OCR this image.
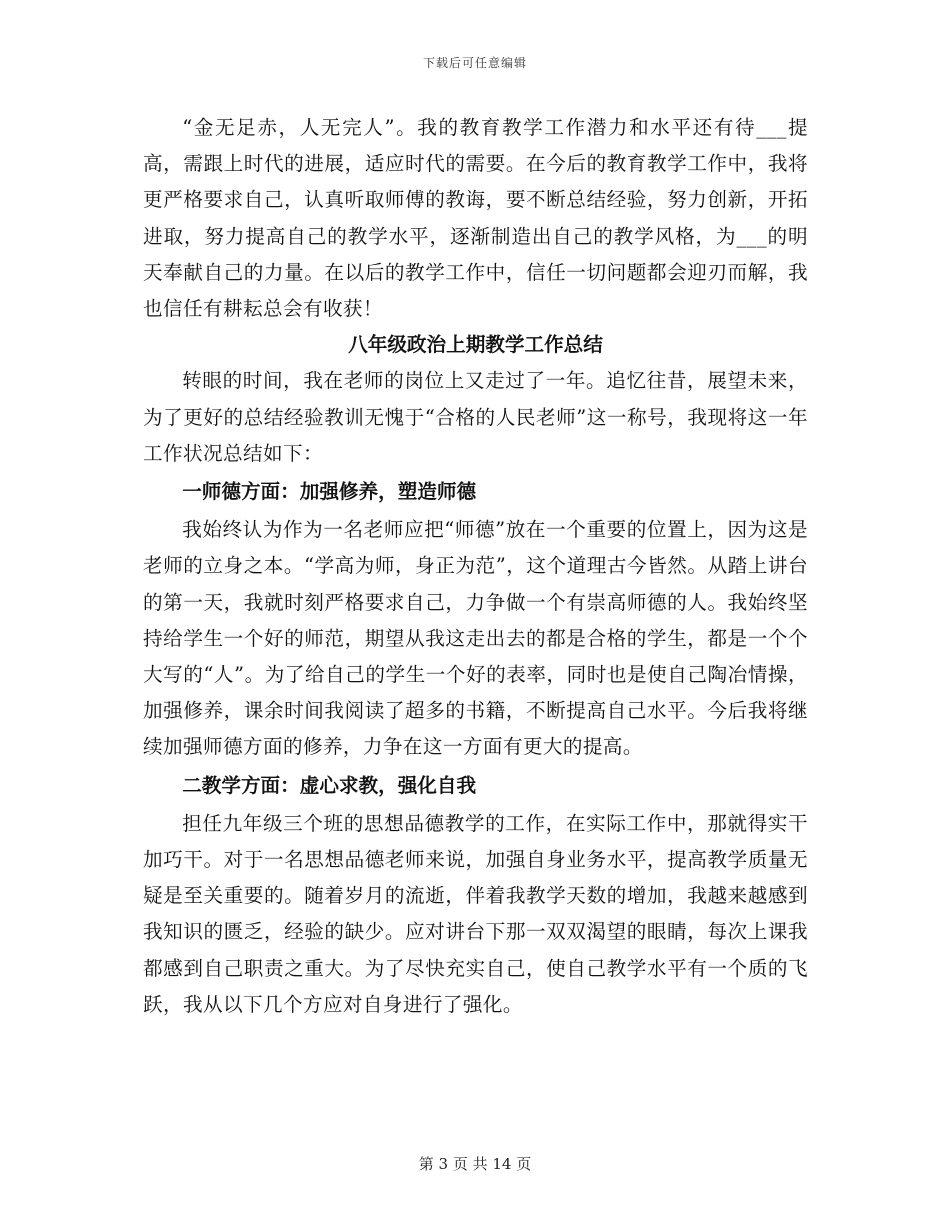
下载后可任意编辑

“金无足赤，人无完人”。我的教育教学工作潜力和水平还有待___提高，需跟上时代的进展，适应时代的需要。在今后的教育教学工作中，我将更严格要求自己，认真听取师傅的教诲，要不断总结经验，努力创新，开拓进取，努力提高自己的教学水平，逐渐制造出自己的教学风格，为___的明天奉献自己的力量。在以后的教学工作中，信任一切问题都会迎刃而解，我也信任有耕耘总会有收获！

八年级政治上期教学工作总结

转眼的时间，我在老师的岗位上又走过了一年。追忆往昔，展望未来，为了更好的总结经验教训无愧于“合格的人民老师”这一称号，我现将这一年工作状况总结如下：

一师德方面：加强修养，塑造师德

我始终认为作为一名老师应把“师德”放在一个重要的位置上，因为这是老师的立身之本。“学高为师，身正为范”，这个道理古今皆然。从踏上讲台的第一天，我就时刻严格要求自己，力争做一个有崇高师德的人。我始终坚持给学生一个好的师范，期望从我这走出去的都是合格的学生，都是一个个大写的“人”。为了给自己的学生一个好的表率，同时也是使自己陶冶情操，加强修养，课余时间我阅读了超多的书籍，不断提高自己水平。今后我将继续加强师德方面的修养，力争在这一方面有更大的提高。

二教学方面：虚心求教，强化自我

担任九年级三个班的思想品德教学的工作，在实际工作中，那就得实干加巧干。对于一名思想品德老师来说，加强自身业务水平，提高教学质量无疑是至关重要的。随着岁月的流逝，伴着我教学天数的增加，我越来越感到我知识的匮乏，经验的缺少。应对讲台下那一双双渴望的眼睛，每次上课我都感到自己职责之重大。为了尽快充实自己，使自己教学水平有一个质的飞跃，我从以下几个方应对自身进行了强化。

第 3 页 共 14 页
